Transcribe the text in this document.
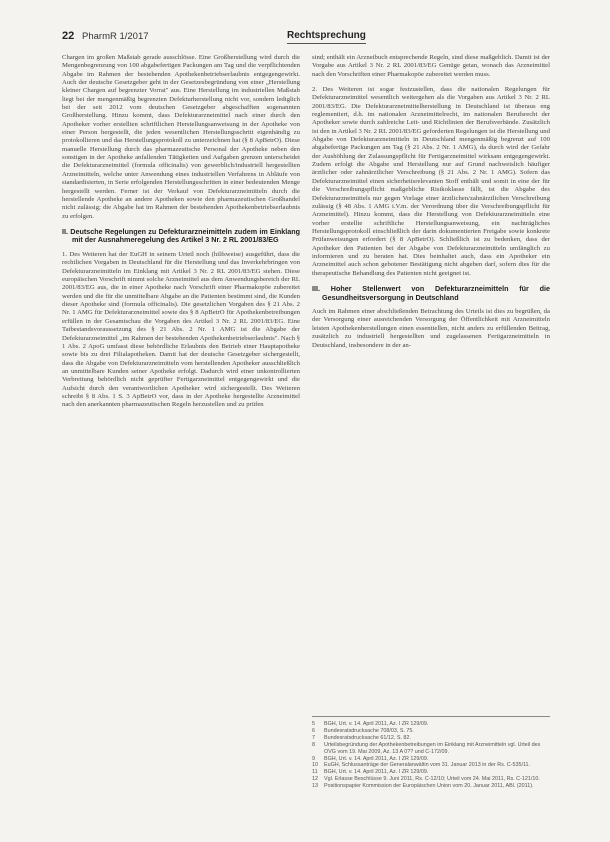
22 PharmR 1/2017	Rechtsprechung

Chargen im großen Maßstab gerade ausschlösse. Eine Großherstellung wird durch die Mengenbegrenzung von 100 abgabefertigen Packungen am Tag und die verpflichtenden Abgabe im Rahmen der bestehenden Apothekenbetriebserlaubnis entgegengewirkt. Auch der deutsche Gesetzgeber geht in der Gesetzesbegründung von einer „Herstellung kleiner Chargen auf begrenzter Vorrat" aus. Eine Herstellung im industriellen Maßstab liegt bei der mengenmäßig begrenzten Defekturherstellung nicht vor, sondern lediglich bei der seit 2012 vom deutschen Gesetzgeber abgeschafften sogenannten Großherstellung. Hinzu kommt, dass Defekturarzneimittel nach einer durch den Apotheker vorher erstellten schriftlichen Herstellungsanweisung in der Apotheke von einer Person hergestellt, die jeden wesentlichen Herstellungsschritt eigenhändig zu protokollieren und das Herstellungsprotokoll zu unterzeichnen hat (§ 8 ApBetrO). Diese manuelle Herstellung durch das pharmazeutische Personal der Apotheke neben den sonstigen in der Apotheke anfallenden Tätigkeiten und Aufgaben grenzen unterscheidet die Defekturarzneimittel (formula officinalis) von gewerblich/industriell hergestellten Arzneimitteln, welche unter Anwendung eines industriellen Verfahrens in Abläufe von standardisierten, in Serie erfolgenden Herstellungsschritten in einer bedeutenden Menge hergestellt werden. Ferner ist der Verkauf von Defekturarzneimitteln durch die herstellende Apotheke an andere Apotheken sowie den pharmazeutischen Großhandel nicht zulässig; die Abgabe hat im Rahmen der bestehenden Apothekenbetriebserlaubnis zu erfolgen.

II. Deutsche Regelungen zu Defekturarzneimitteln zudem im Einklang mit der Ausnahmeregelung des Artikel 3 Nr. 2 RL 2001/83/EG

1. Des Weiteren hat der EuGH in seinem Urteil noch (hilfsweise) ausgeführt, dass die rechtlichen Vorgaben in Deutschland für die Herstellung und das Inverkehrbringen von Defekturarzneimitteln im Einklang mit Artikel 3 Nr. 2 RL 2001/83/EG stehen. Diese europäischen Vorschrift nimmt solche Arzneimittel aus dem Anwendungsbereich der RL 2001/83/EG aus, die in einer Apotheke nach Vorschrift einer Pharmakopöe zubereitet werden und die für die unmittelbare Abgabe an die Patienten bestimmt sind, die Kunden dieser Apotheke sind (formula officinalis). Die gesetzlichen Vorgaben des § 21 Abs. 2 Nr. 1 AMG für Defekturarzneimittel sowie des § 8 ApBetrO für Apothekenbetreibungen erfüllen in der Gesamtschau die Vorgaben des Artikel 3 Nr. 2 RL 2001/83/EG. Eine Tatbestandsvoraussetzung des § 21 Abs. 2 Nr. 1 AMG ist die Abgabe der Defekturarzneimittel „im Rahmen der bestehenden Apothekenbetriebserlaubnis". Nach § 1 Abs. 2 ApoG umfasst diese behördliche Erlaubnis den Betrieb einer Hauptapotheke sowie bis zu drei Filialapotheken. Damit hat der deutsche Gesetzgeber sichergestellt, dass die Abgabe von Defekturarzneimitteln vom herstellenden Apotheker ausschließlich an unmittelbare Kunden seiner Apotheke erfolgt. Dadurch wird einer unkontrollierten Verbreitung behördlich nicht geprüfter Fertigarzneimittel entgegengewirkt und die Aufsicht durch den verantwortlichen Apotheker wird sichergestellt. Des Weiteren schreibt § 8 Abs. 1 S. 3 ApBetrO vor, dass in der Apotheke hergestellte Arzneimittel nach den anerkannten pharmazeutischen Regeln herzustellen und zu prüfen

sind; enthält ein Arzneibuch entsprechende Regeln, sind diese maßgeblich. Damit ist der Vorgabe aus Artikel 3 Nr. 2 RL 2001/83/EG Genüge getan, wonach das Arzneimittel nach den Vorschriften einer Pharmakopöe zubereitet werden muss.

2. Des Weiteren ist sogar festzustellen, dass die nationalen Regelungen für Defekturarzneimittel wesentlich weitergehen als die Vorgaben aus Artikel 3 Nr. 2 RL 2001/83/EG. Die Defekturarzneimittelherstellung in Deutschland ist überaus eng reglementiert, d.h. im nationalen Arzneimittelrecht, im nationalen Berufsrecht der Apotheker sowie durch zahlreiche Leit- und Richtlinien der Berufsverbände. Zusätzlich ist den in Artikel 3 Nr. 2 RL 2001/83/EG geforderten Regelungen ist die Herstellung und Abgabe von Defekturarzneimitteln in Deutschland mengenmäßig begrenzt auf 100 abgabefertige Packungen am Tag (§ 21 Abs. 2 Nr. 1 AMG), da durch wird der Gefahr der Aushöhlung der Zulassungspflicht für Fertigarzneimittel wirksam entgegengewirkt. Zudem erfolgt die Abgabe und Herstellung nur auf Grund nachweislich häufiger ärztlicher oder zahnärztlicher Verschreibung (§ 21 Abs. 2 Nr. 1 AMG). Sofern das Defekturarzneimittel einen sicherheitsrelevanten Stoff enthält und somit in eine der für die Verschreibungspflicht maßgebliche Risikoklasse fällt, ist die Abgabe des Defekturarzneimittels nur gegen Vorlage einer ärztlichen/zahnärztlichen Verschreibung zulässig (§ 48 Abs. 1 AMG i.V.m. der Verordnung über die Verschreibungspflicht für Arzneimittel). Hinzu kommt, dass die Herstellung von Defekturarzneimitteln eine vorher erstellte schriftliche Herstellungsanweisung, ein nachträgliches Herstellungsprotokoll einschließlich der darin dokumentierten Freigabe sowie konkrete Prüfanweisungen erfordert (§ 8 ApBetrO). Schließlich ist zu bedenken, dass der Apotheker den Patienten bei der Abgabe von Defekturarzneimitteln umfänglich zu informieren und zu beraten hat. Dies beinhaltet auch, dass ein Apotheker ein Arzneimittel auch schon gebotener Bestätigung nicht abgeben darf, sofern dies für die therapeutische Behandlung des Patienten nicht geeignet ist.

III. Hoher Stellenwert von Defekturarzneimitteln für die Gesundheitsversorgung in Deutschland

Auch im Rahmen einer abschließenden Betrachtung des Urteils ist dies zu begrüßen, da der Versorgung einer ausreichenden Versorgung der Öffentlichkeit mit Arzneimitteln leisten Apothekenherstellungen einen essentiellen, nicht anders zu erfüllenden Beitrag, zusätzlich zu industriell hergestellten und zugelassenen Fertigarzneimitteln in Deutschland, insbesondere in der an-

5	BGH, Urt. v. 14. April 2011, Az. I ZR 129/09.
6	Bundesratsdrucksache 708/03, S. 75.
7	Bundesratsdrucksache 61/12, S. 82.
8	Urteilsbegründung der Apothekenbetreibungen im Einklang mit Arzneimitteln vgl. Urteil des OVG vom 19. Mai 2009, Az. 13 A 0?? und C-172/09.
9	BGH, Urt. v. 14. April 2011, Az. I ZR 129/09.
10	EuGH, Schlussanträge der Generalanwältin vom 31. Januar 2013 in der Rs. C-535/11.
11	BGH, Urt. v. 14. April 2011, Az. I ZR 129/09.
12	Vgl. Erlasse Beschlüsse 9. Juni 2011, Rs. C-12/10; Urteil vom 24. Mai 2011, Rs. C-121/10.
13	Positionspapier Kommission der Europäischen Union vom 20. Januar 2011, ABl. (2011).
